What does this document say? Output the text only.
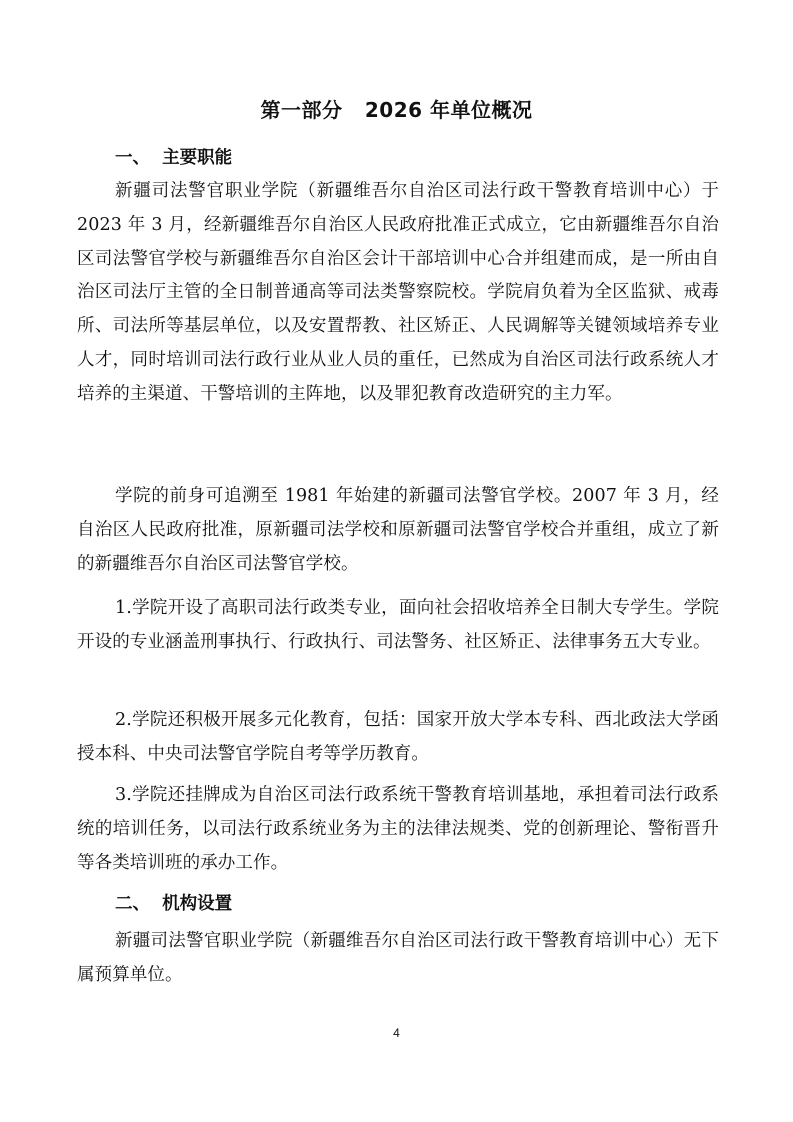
第一部分   2026 年单位概况
一、  主要职能

新疆司法警官职业学院（新疆维吾尔自治区司法行政干警教育培训中心）于 2023 年 3 月，经新疆维吾尔自治区人民政府批准正式成立，它由新疆维吾尔自治区司法警官学校与新疆维吾尔自治区会计干部培训中心合并组建而成，是一所由自治区司法厅主管的全日制普通高等司法类警察院校。学院肩负着为全区监狱、戒毒所、司法所等基层单位，以及安置帮教、社区矫正、人民调解等关键领域培养专业人才，同时培训司法行政行业从业人员的重任，已然成为自治区司法行政系统人才培养的主渠道、干警培训的主阵地，以及罪犯教育改造研究的主力军。

学院的前身可追溯至 1981 年始建的新疆司法警官学校。2007 年 3 月，经自治区人民政府批准，原新疆司法学校和原新疆司法警官学校合并重组，成立了新的新疆维吾尔自治区司法警官学校。

1.学院开设了高职司法行政类专业，面向社会招收培养全日制大专学生。学院开设的专业涵盖刑事执行、行政执行、司法警务、社区矫正、法律事务五大专业。

2.学院还积极开展多元化教育，包括：国家开放大学本专科、西北政法大学函授本科、中央司法警官学院自考等学历教育。

3.学院还挂牌成为自治区司法行政系统干警教育培训基地，承担着司法行政系统的培训任务，以司法行政系统业务为主的法律法规类、党的创新理论、警衔晋升等各类培训班的承办工作。

二、  机构设置

新疆司法警官职业学院（新疆维吾尔自治区司法行政干警教育培训中心）无下属预算单位。

4
